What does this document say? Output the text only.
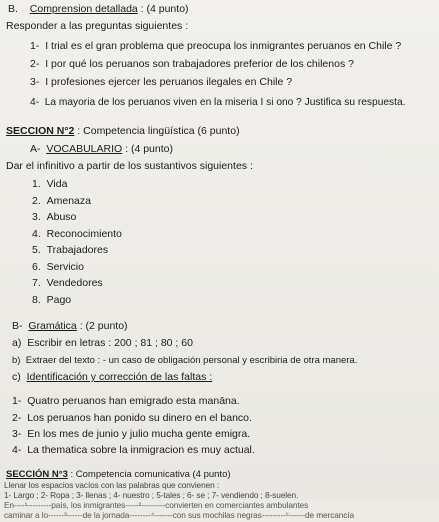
B. Comprension detallada : (4 punto)
Responder a las preguntas siguientes :
1- I trial es el gran problema que preocupa los inmigrantes peruanos en Chile ?
2- I por qué los peruanos son trabajadores preferior de los chilenos ?
3- I profesiones ejercer les peruanos ilegales en Chile ?
4- La mayoria de los peruanos viven en la miseria I si ono ? Justifica su respuesta.
SECCION N°2 : Competencia lingüística (6 punto)
A- VOCABULARIO : (4 punto)
Dar el infinitivo a partir de los sustantivos siguientes :
1. Vida
2. Amenaza
3. Abuso
4. Reconocimiento
5. Trabajadores
6. Servicio
7. Vendedores
8. Pago
B- Gramática : (2 punto)
a) Escribir en letras : 200 ; 81 ; 80 ; 60
b) Extraer del texto : - un caso de obligación personal y escribiria de otra manera.
c) Identificación y corrección de las faltas :
1- Quatro peruanos han emigrado esta manāna.
2- Los peruanos han ponido su dinero en el banco.
3- En los mes de junio y julio mucha gente emigra.
4- La thematica sobre la inmigracion es muy actual.
SECCIÓN N°3 : Competencia comunicativa (4 punto)
Llenar los espacios vacíos con las palabras que convienen :
1- Largo ; 2- Ropa ; 3- llenas ; 4- nuestro ; 5-tales ; 6- se ; 7- vendiendo ; 8-suelen.
En----¹---------país, los inmigrantes-----²---------convierten en comerciantes ambulantes
caminar a lo------³------de la jornada--------⁴-------con sus mochilas negras---------⁵------de mercancía
